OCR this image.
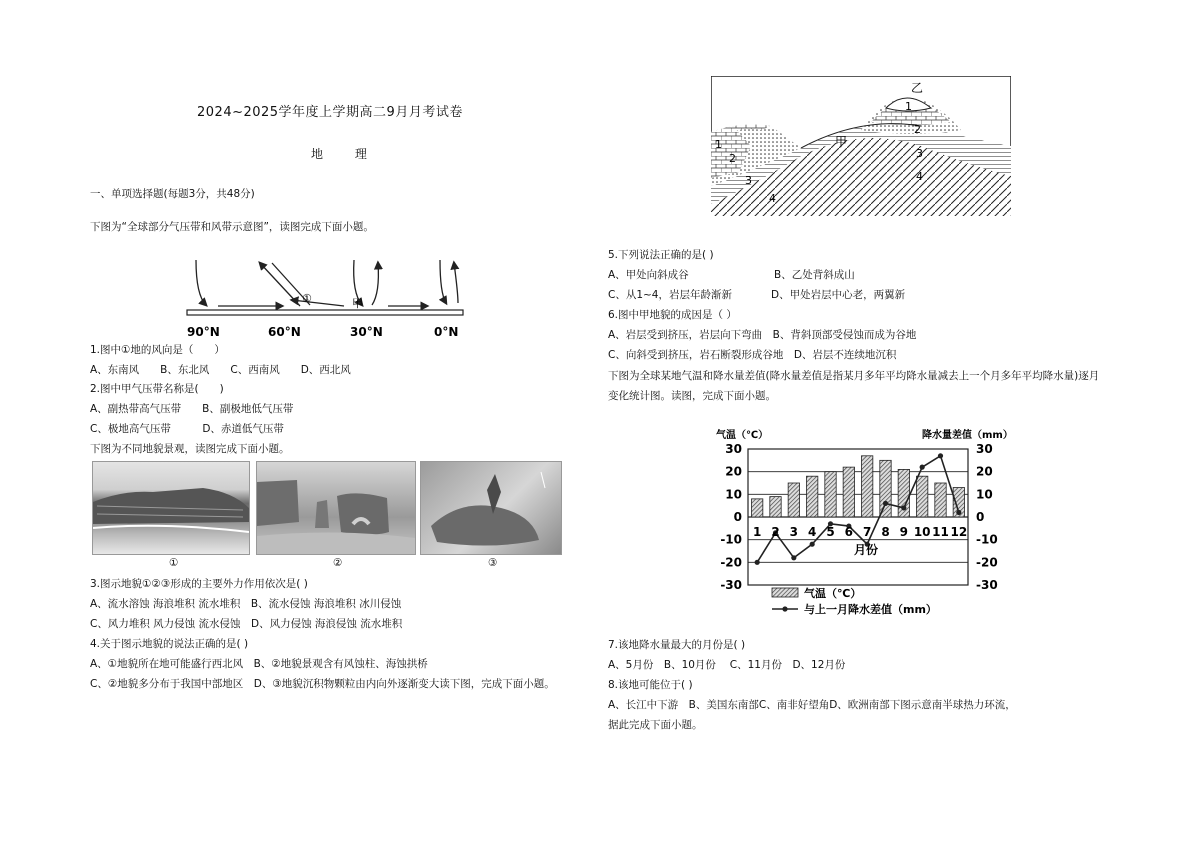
2024~2025学年度上学期高二9月月考试卷
地 理
一、单项选择题(每题3分，共48分)
下图为“全球部分气压带和风带示意图”，读图完成下面小题。
①	甲
90°N	60°N	30°N	0°N
1.图中①地的风向是（　　）
A、东南风　　B、东北风　　C、西南风　　D、西北风
2.图中甲气压带名称是(　　)
A、副热带高气压带　　B、副极地低气压带
C、极地高气压带　　　D、赤道低气压带
下图为不同地貌景观，读图完成下面小题。
①	②	③
3.图示地貌①②③形成的主要外力作用依次是( )
A、流水溶蚀 海浪堆积 流水堆积　B、流水侵蚀 海浪堆积 冰川侵蚀
C、风力堆积 风力侵蚀 流水侵蚀　D、风力侵蚀 海浪侵蚀 流水堆积
4.关于图示地貌的说法正确的是( )
A、①地貌所在地可能盛行西北风　B、②地貌景观含有风蚀柱、海蚀拱桥
C、②地貌多分布于我国中部地区　D、③地貌沉积物颗粒由内向外逐渐变大读下图，完成下面小题。
乙
1
2
3
4
甲
1
2
3
4
5.下列说法正确的是( )
A、甲处向斜成谷	B、乙处背斜成山
C、从1~4，岩层年龄渐新	D、甲处岩层中心老，两翼新
6.图中甲地貌的成因是（ ）
A、岩层受到挤压，岩层向下弯曲　B、背斜顶部受侵蚀而成为谷地
C、向斜受到挤压，岩石断裂形成谷地　D、岩层不连续地沉积
下图为全球某地气温和降水量差值(降水量差值是指某月多年平均降水量减去上一个月多年平均降水量)逐月
变化统计图。读图，完成下面小题。
气温（℃）	降水量差值（mm）
30
20
10
0
-10
-20
-30
30
20
10
0
-10
-20
-30
1 2 3 4 5 6 7 8 9 10 11 12
月份
气温（℃）
与上一月降水差值（mm）
7.该地降水量最大的月份是( )
A、5月份　B、10月份　 C、11月份　D、12月份
8.该地可能位于( )
A、长江中下游　B、美国东南部C、南非好望角D、欧洲南部下图示意南半球热力环流，
据此完成下面小题。
